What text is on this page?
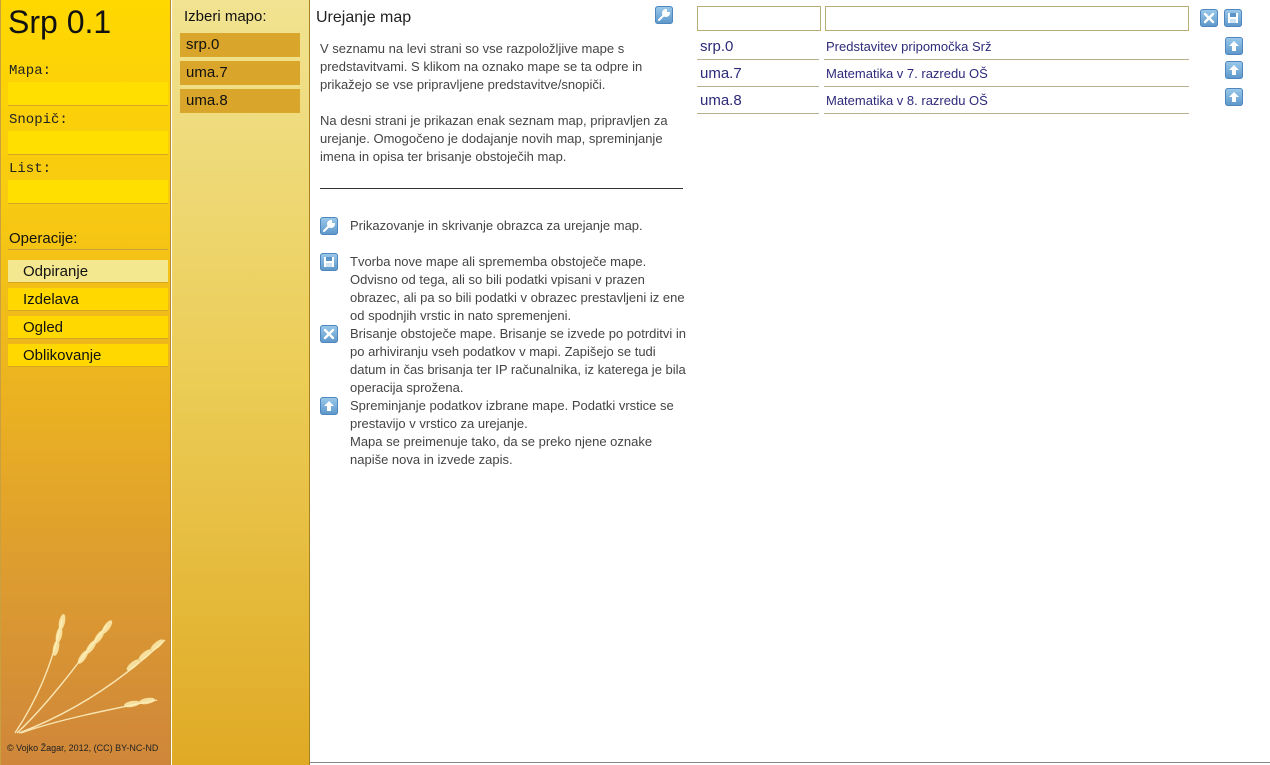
Srp 0.1
Mapa:
Snopič:
List:
Operacije:
Odpiranje
Izdelava
Ogled
Oblikovanje
© Vojko Žagar, 2012, (CC) BY-NC-ND
Izberi mapo:
srp.0
uma.7
uma.8
Urejanje map
V seznamu na levi strani so vse razpoložljive mape s predstavitvami. S klikom na oznako mape se ta odpre in prikažejo se vse pripravljene predstavitve/snopiči.
Na desni strani je prikazan enak seznam map, pripravljen za urejanje. Omogočeno je dodajanje novih map, spreminjanje imena in opisa ter brisanje obstoječih map.
Prikazovanje in skrivanje obrazca za urejanje map.
Tvorba nove mape ali sprememba obstoječe mape. Odvisno od tega, ali so bili podatki vpisani v prazen obrazec, ali pa so bili podatki v obrazec prestavljeni iz ene od spodnjih vrstic in nato spremenjeni.
Brisanje obstoječe mape. Brisanje se izvede po potrditvi in po arhiviranju vseh podatkov v mapi. Zapišejo se tudi datum in čas brisanja ter IP računalnika, iz katerega je bila operacija sprožena.
Spreminjanje podatkov izbrane mape. Podatki vrstice se prestavijo v vrstico za urejanje.
Mapa se preimenuje tako, da se preko njene oznake napiše nova in izvede zapis.
srp.0	Predstavitev pripomočka Srž
uma.7	Matematika v 7. razredu OŠ
uma.8	Matematika v 8. razredu OŠ
